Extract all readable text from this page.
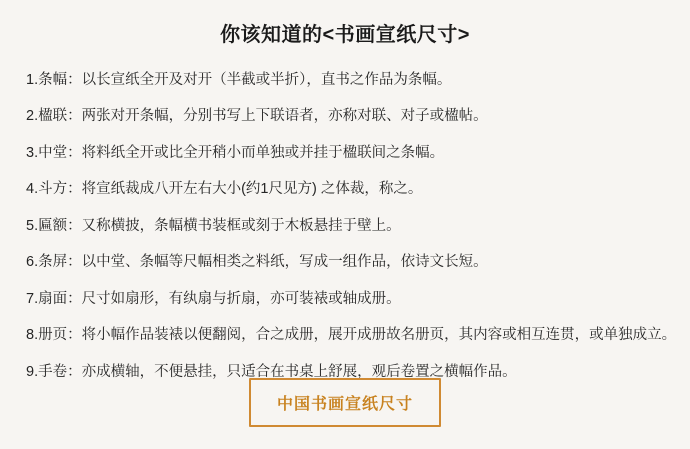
你该知道的<书画宣纸尺寸>
1.条幅：以长宣纸全开及对开（半截或半折），直书之作品为条幅。
2.楹联：两张对开条幅，分别书写上下联语者，亦称对联、对子或楹帖。
3.中堂：将料纸全开或比全开稍小而单独或并挂于楹联间之条幅。
4.斗方：将宣纸裁成八开左右大小(约1尺见方) 之体裁，称之。
5.匾额：又称横披，条幅横书装框或刻于木板悬挂于壁上。
6.条屏：以中堂、条幅等尺幅相类之料纸，写成一组作品，依诗文长短。
7.扇面：尺寸如扇形，有纨扇与折扇，亦可装裱或轴成册。
8.册页：将小幅作品装裱以便翻阅，合之成册，展开成册故名册页，其内容或相互连贯，或单独成立。
9.手卷：亦成横轴，不便悬挂，只适合在书桌上舒展，观后卷置之横幅作品。
中国书画宣纸尺寸
